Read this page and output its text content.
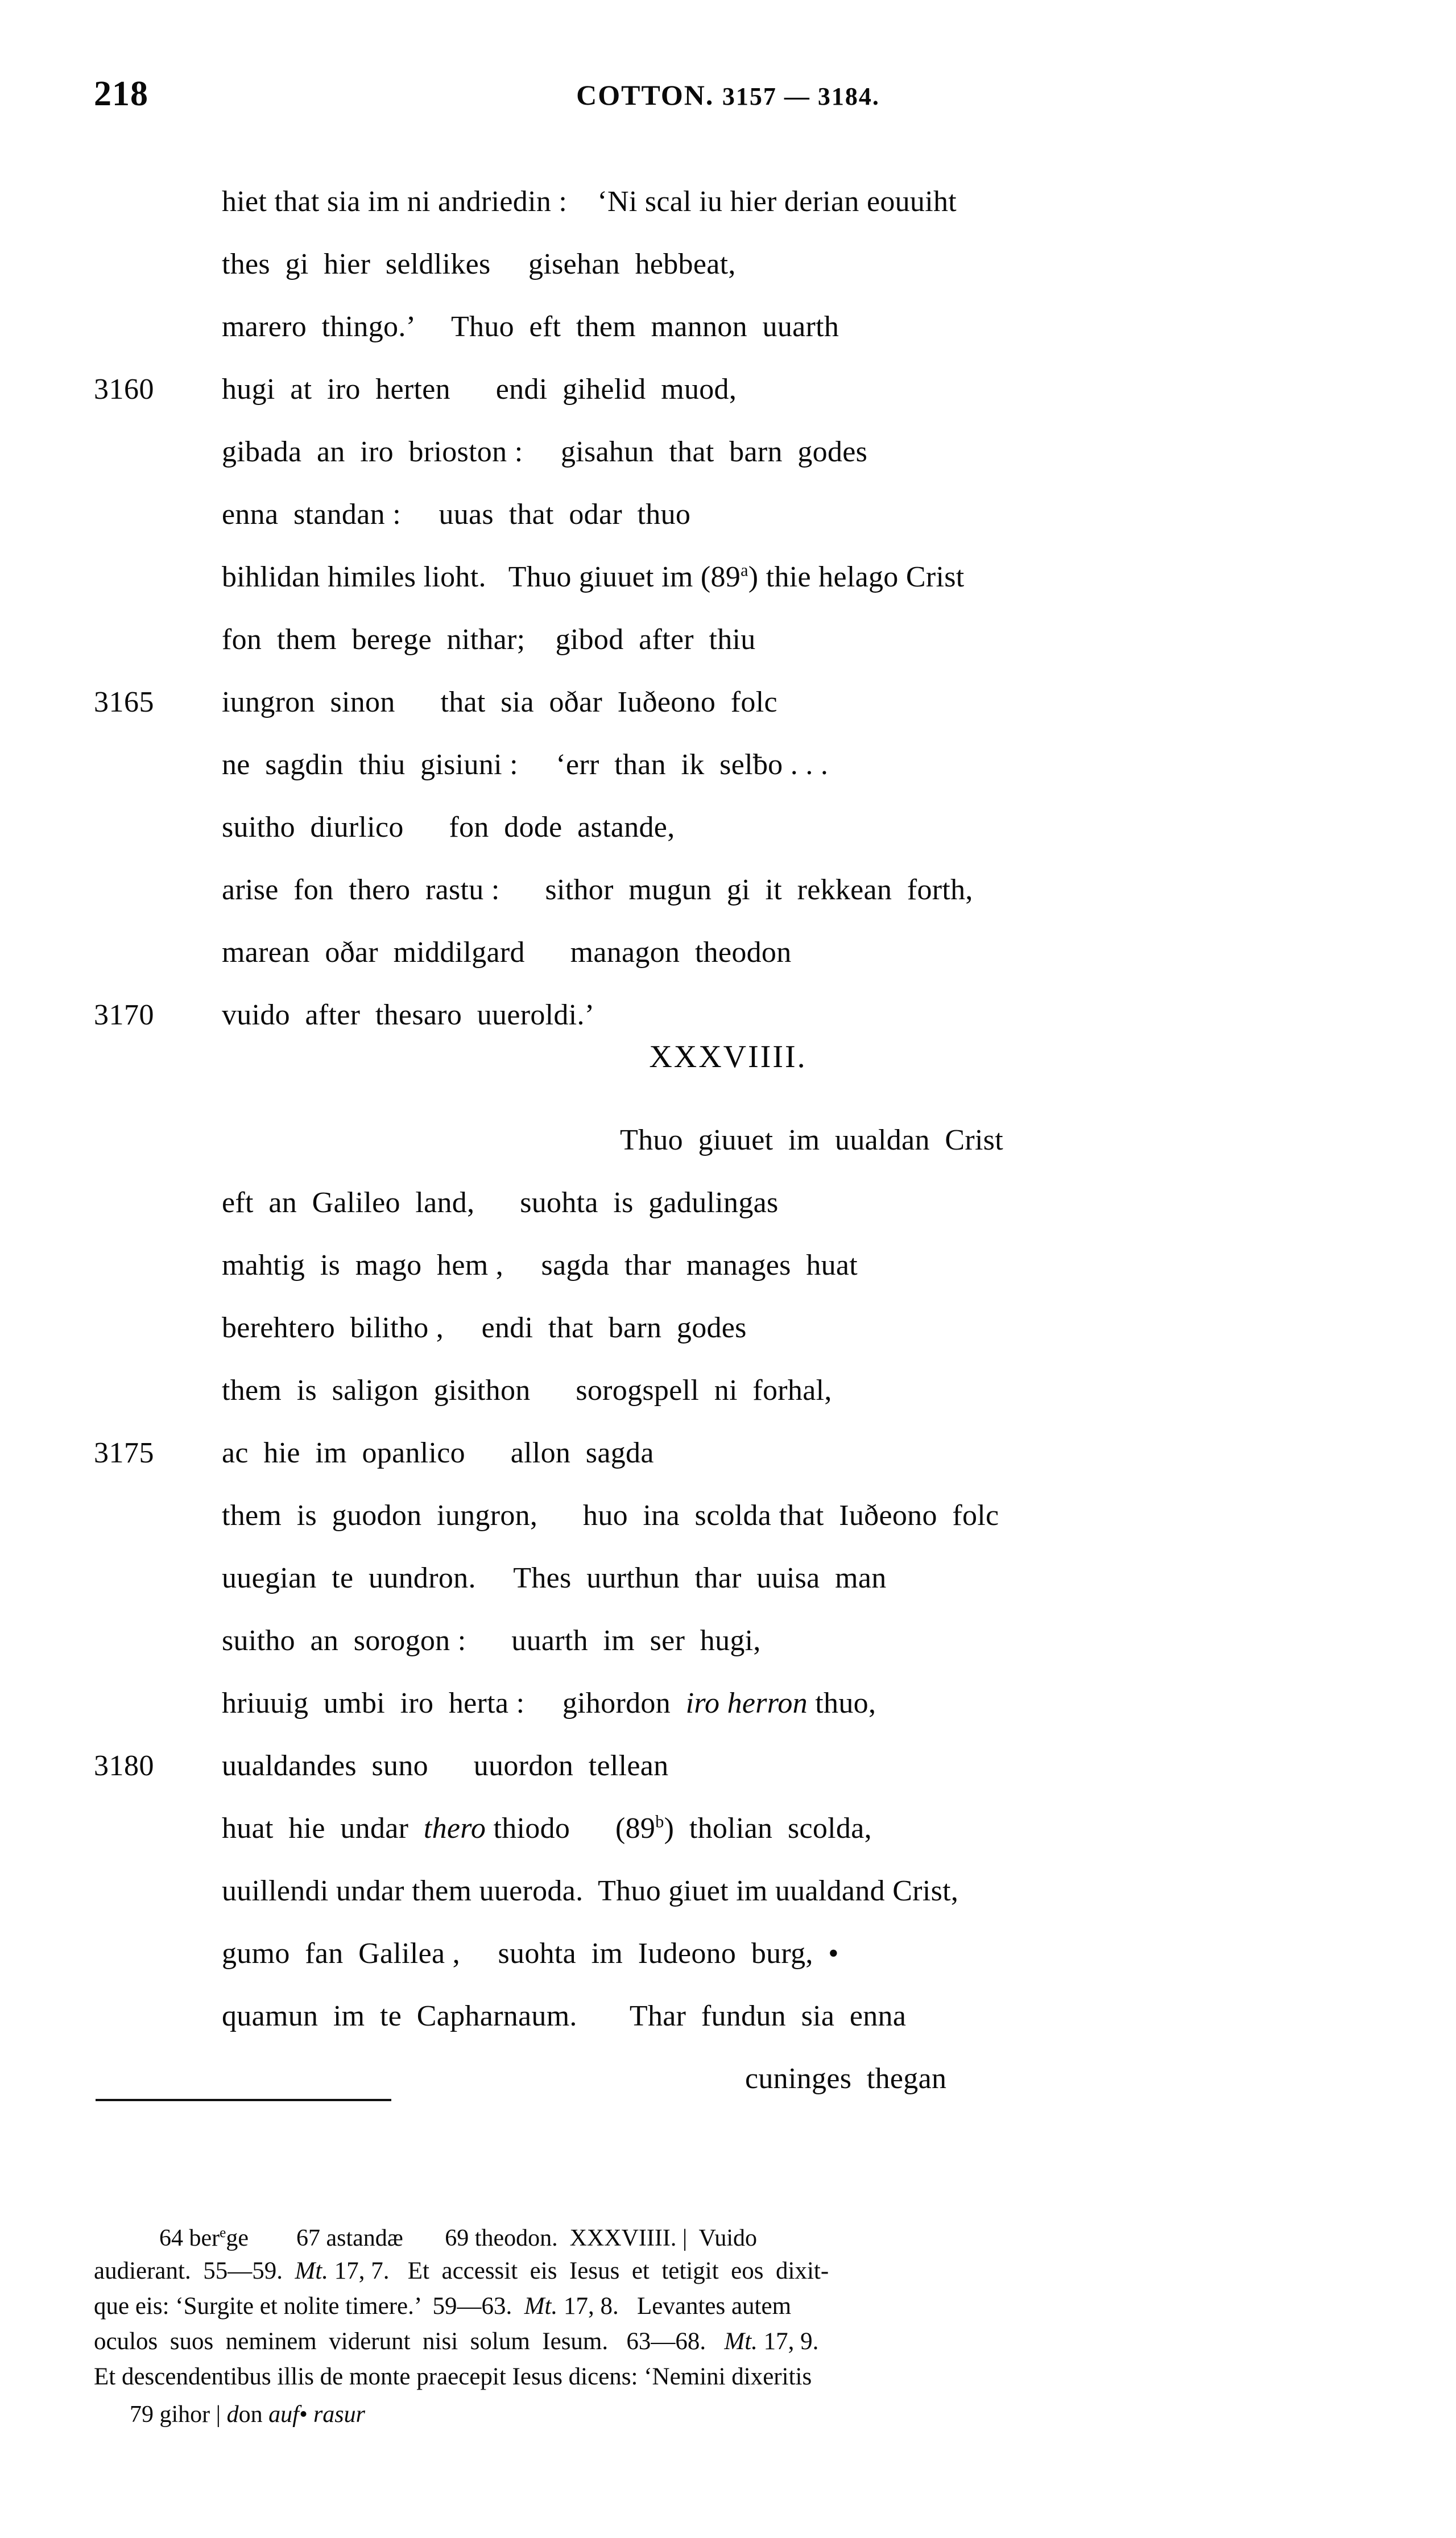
218	COTTON. 3157 — 3184.
hiet that sia im ni andriedin :    ‘Ni scal iu hier derian eouuiht
thes  gi  hier  seldlikes     gisehan  hebbeat,
marero  thingo.’     Thuo  eft  them  mannon  uuarth
3160	hugi  at  iro  herten      endi  gihelid  muod,
gibada  an  iro  brioston :     gisahun  that  barn  godes
enna  standan :     uuas  that  odar  thuo
bihlidan himiles lioht.   Thuo giuuet im (89$^a$) thie helago Crist
fon  them  berege  nithar;    gibod  after  thiu
3165	iungron  sinon      that  sia  oðar  Iuðeono  folc
ne  sagdin  thiu  gisiuni :     ‘err  than  ik  selƀo . . .
suitho  diurlico      fon  dode  astandе,
arise  fon  thero  rastu :      sithor  mugun  gi  it  rekkean  forth,
marean  oðar  middilgard      managon  theodon
3170	vuido  after  thesaro  uueroldi.’
XXXVIIII.
Thuo  giuuet  im  uualdan  Crist
eft  an  Galileo  land,      suohta  is  gadulingas
mahtig  is  mago  hem ,     sagda  thar  manages  huat
berehtero  bilitho ,     endi  that  barn  godes
them  is  saligon  gisithon      sorogspell  ni  forhal,
3175	ac  hie  im  opanlico      allon  sagda
them  is  guodon  iungron,      huo  ina  scolda that  Iuðeono  folc
uuegian  te  uundron.     Thes  uurthun  thar  uuisa  man
suitho  an  sorogon :      uuarth  im  ser  hugi,
hriuuig  umbi  iro  herta :     gihordon  iro herron thuo,
3180	uualdandes  suno      uuordon  tellean
huat  hie  undar  thero thiodo      (89$^b$)  tholian  scolda,
uuillendi undar them uueroda.  Thuo giuet im uualdand Crist,
gumo  fan  Galilea ,     suohta  im  Iudeono  burg,  •
quamun  im  te  Capharnaum.       Thar  fundun  sia  enna
cuninges  thegan

64 ber$^e$ge        67 astandæ       69 theodon.  XXXVIIII. |  Vuido

79 gihor | don auf• rasur

audierant.  55—59.  Mt. 17, 7.   Et  accessit  eis  Iesus  et  tetigit  eos  dixit-
que eis: ‘Surgite et nolite timere.’  59—63.  Mt. 17, 8.   Levantes autem
oculos  suos  neminem  viderunt  nisi  solum  Iesum.   63—68.   Mt. 17, 9.
Et descendentibus illis de monte praecepit Iesus dicens: ‘Nemini dixeritis
